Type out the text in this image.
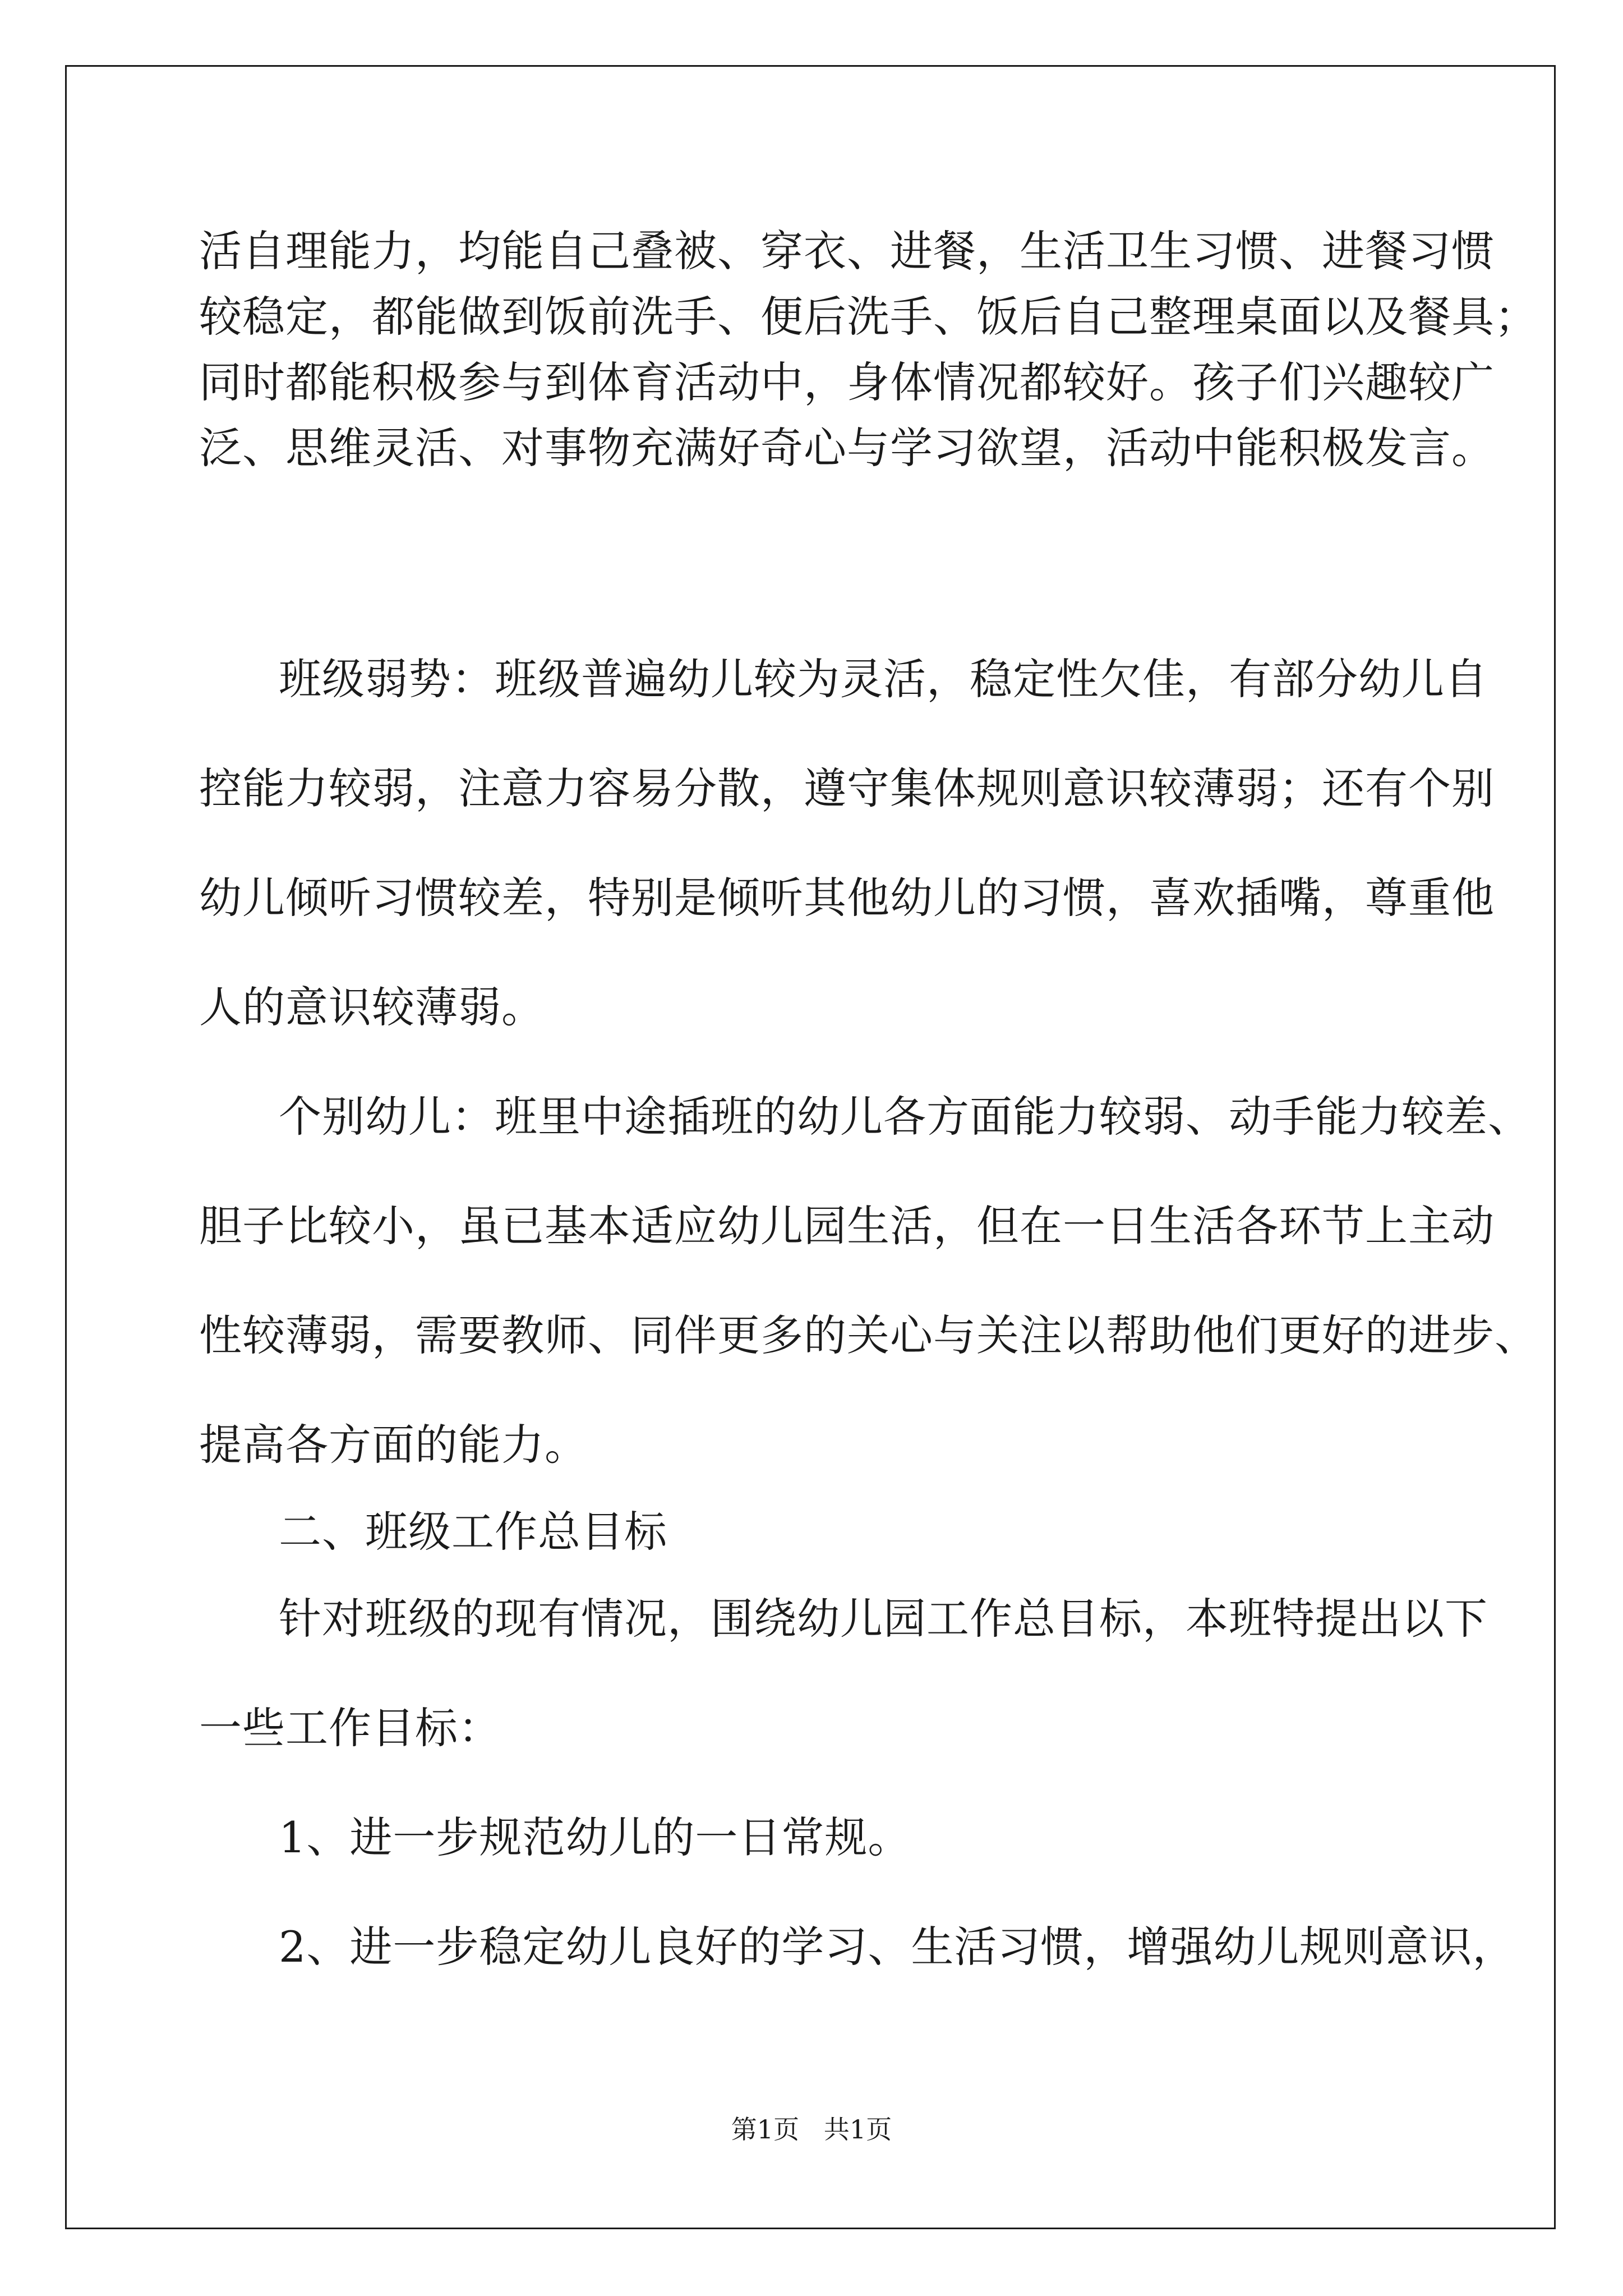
活自理能力，均能自己叠被、穿衣、进餐，生活卫生习惯、进餐习惯
较稳定，都能做到饭前洗手、便后洗手、饭后自己整理桌面以及餐具；
同时都能积极参与到体育活动中，身体情况都较好。孩子们兴趣较广
泛、思维灵活、对事物充满好奇心与学习欲望，活动中能积极发言。
班级弱势：班级普遍幼儿较为灵活，稳定性欠佳，有部分幼儿自
控能力较弱，注意力容易分散，遵守集体规则意识较薄弱；还有个别
幼儿倾听习惯较差，特别是倾听其他幼儿的习惯，喜欢插嘴，尊重他
人的意识较薄弱。
个别幼儿：班里中途插班的幼儿各方面能力较弱、动手能力较差、
胆子比较小，虽已基本适应幼儿园生活，但在一日生活各环节上主动
性较薄弱，需要教师、同伴更多的关心与关注以帮助他们更好的进步、
提高各方面的能力。
二、班级工作总目标
针对班级的现有情况，围绕幼儿园工作总目标，本班特提出以下
一些工作目标：
1、进一步规范幼儿的一日常规。
2、进一步稳定幼儿良好的学习、生活习惯，增强幼儿规则意识，
第1页   共1页
